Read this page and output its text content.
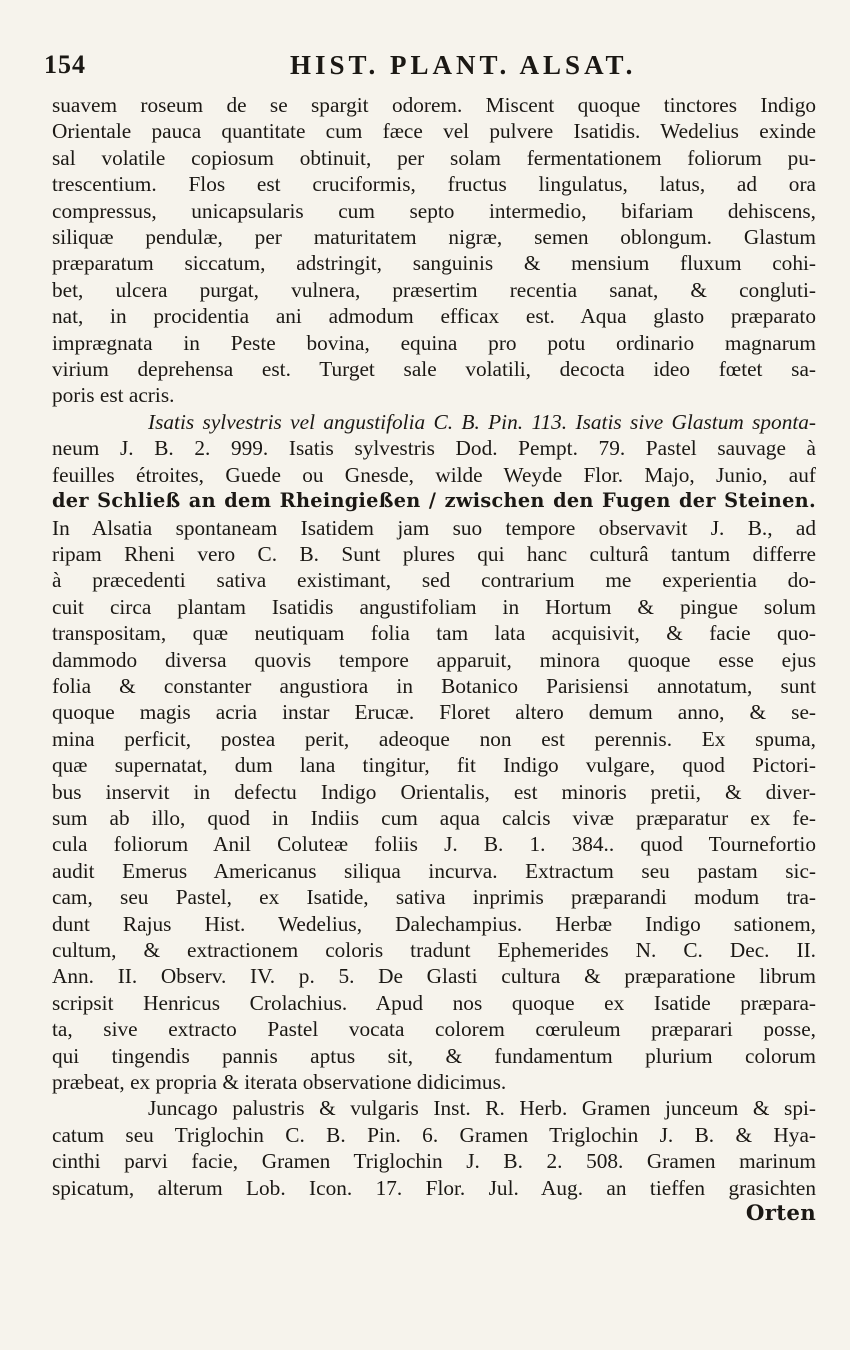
154	HIST. PLANT. ALSAT.
suavem roseum de se spargit odorem. Miscent quoque tinctores Indigo
Orientale pauca quantitate cum fæce vel pulvere Isatidis. Wedelius exinde
sal volatile copiosum obtinuit, per solam fermentationem foliorum pu-
trescentium. Flos est cruciformis, fructus lingulatus, latus, ad ora
compressus, unicapsularis cum septo intermedio, bifariam dehiscens,
siliquæ pendulæ, per maturitatem nigræ, semen oblongum. Glastum
præparatum siccatum, adstringit, sanguinis & mensium fluxum cohi-
bet, ulcera purgat, vulnera, præsertim recentia sanat, & congluti-
nat, in procidentia ani admodum efficax est. Aqua glasto præparato
imprægnata in Peste bovina, equina pro potu ordinario magnarum
virium deprehensa est. Turget sale volatili, decocta ideo fœtet sa-
poris est acris.
Isatis sylvestris vel angustifolia C. B. Pin. 113. Isatis sive Glastum sponta-
neum J. B. 2. 999. Isatis sylvestris Dod. Pempt. 79. Pastel sauvage à
feuilles étroites, Guede ou Gnesde, wilde Weyde Flor. Majo, Junio, auf
der Schließ an dem Rheingießen / zwischen den Fugen der Steinen.
In Alsatia spontaneam Isatidem jam suo tempore observavit J. B., ad
ripam Rheni vero C. B. Sunt plures qui hanc culturâ tantum differre
à præcedenti sativa existimant, sed contrarium me experientia do-
cuit circa plantam Isatidis angustifoliam in Hortum & pingue solum
transpositam, quæ neutiquam folia tam lata acquisivit, & facie quo-
dammodo diversa quovis tempore apparuit, minora quoque esse ejus
folia & constanter angustiora in Botanico Parisiensi annotatum, sunt
quoque magis acria instar Erucæ. Floret altero demum anno, & se-
mina perficit, postea perit, adeoque non est perennis. Ex spuma,
quæ supernatat, dum lana tingitur, fit Indigo vulgare, quod Pictori-
bus inservit in defectu Indigo Orientalis, est minoris pretii, & diver-
sum ab illo, quod in Indiis cum aqua calcis vivæ præparatur ex fe-
cula foliorum Anil Coluteæ foliis J. B. 1. 384.. quod Tournefortio
audit Emerus Americanus siliqua incurva. Extractum seu pastam sic-
cam, seu Pastel, ex Isatide, sativa inprimis præparandi modum tra-
dunt Rajus Hist. Wedelius, Dalechampius. Herbæ Indigo sationem,
cultum, & extractionem coloris tradunt Ephemerides N. C. Dec. II.
Ann. II. Observ. IV. p. 5. De Glasti cultura & præparatione librum
scripsit Henricus Crolachius. Apud nos quoque ex Isatide præpara-
ta, sive extracto Pastel vocata colorem cœruleum præparari posse,
qui tingendis pannis aptus sit, & fundamentum plurium colorum
præbeat, ex propria & iterata observatione didicimus.
Juncago palustris & vulgaris Inst. R. Herb. Gramen junceum & spi-
catum seu Triglochin C. B. Pin. 6. Gramen Triglochin J. B. & Hya-
cinthi parvi facie, Gramen Triglochin J. B. 2. 508. Gramen marinum
spicatum, alterum Lob. Icon. 17. Flor. Jul. Aug. an tieffen grasichten
Orten
